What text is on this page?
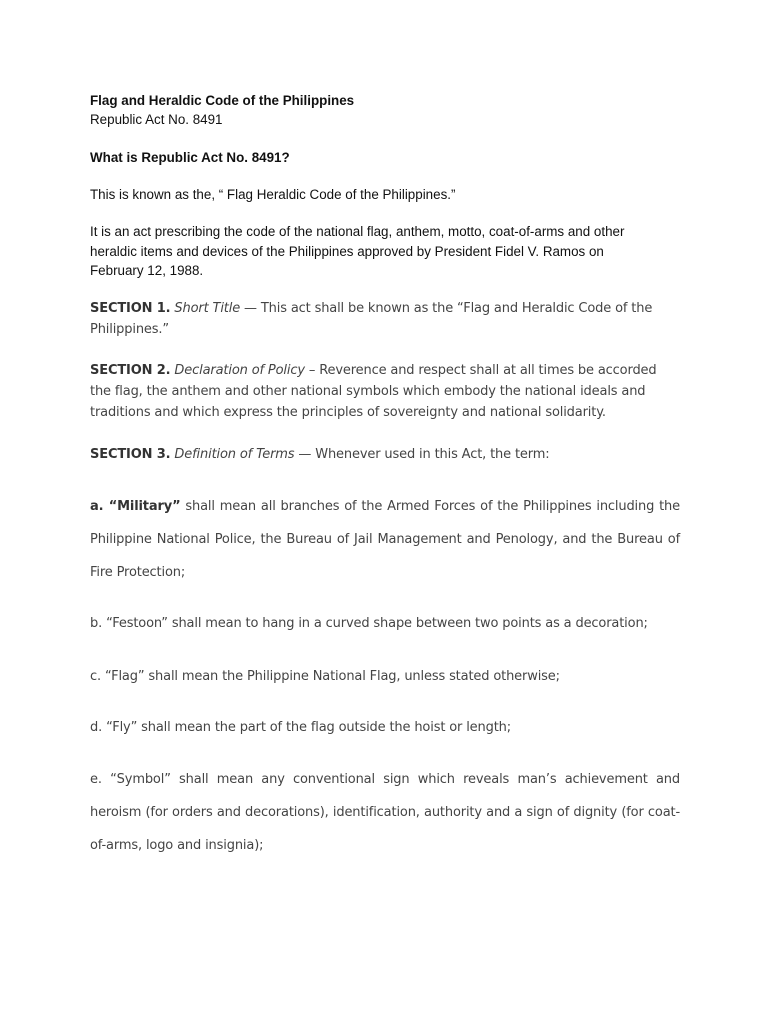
Flag and Heraldic Code of the Philippines
Republic Act No. 8491
What is Republic Act No. 8491?
This is known as the, “ Flag Heraldic Code of the Philippines.”
It is an act prescribing the code of the national flag, anthem, motto, coat-of-arms and other heraldic items and devices of the Philippines approved by President Fidel V. Ramos on February 12, 1988.
SECTION 1. Short Title — This act shall be known as the “Flag and Heraldic Code of the Philippines.”
SECTION 2. Declaration of Policy – Reverence and respect shall at all times be accorded the flag, the anthem and other national symbols which embody the national ideals and traditions and which express the principles of sovereignty and national solidarity.
SECTION 3. Definition of Terms — Whenever used in this Act, the term:
a. “Military” shall mean all branches of the Armed Forces of the Philippines including the Philippine National Police, the Bureau of Jail Management and Penology, and the Bureau of Fire Protection;
b. “Festoon” shall mean to hang in a curved shape between two points as a decoration;
c. “Flag” shall mean the Philippine National Flag, unless stated otherwise;
d. “Fly” shall mean the part of the flag outside the hoist or length;
e. “Symbol” shall mean any conventional sign which reveals man’s achievement and heroism (for orders and decorations), identification, authority and a sign of dignity (for coat-of-arms, logo and insignia);
